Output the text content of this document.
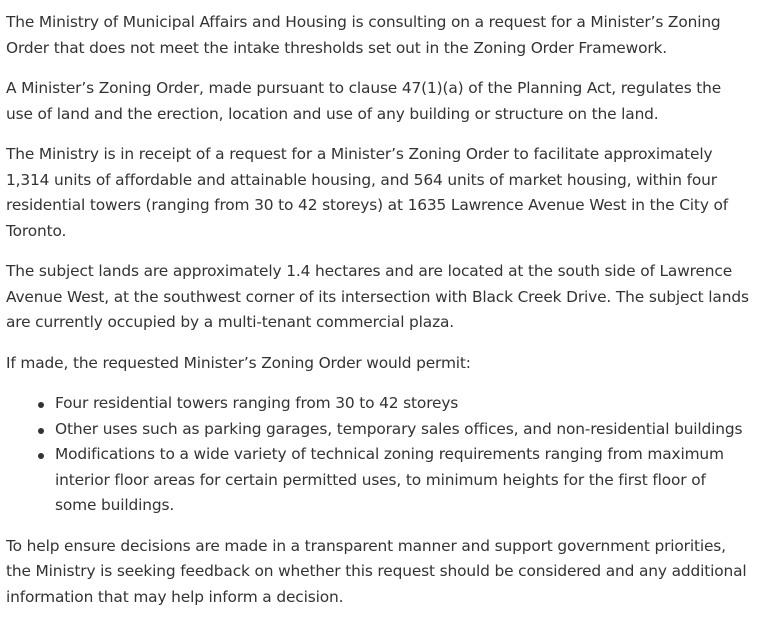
The Ministry of Municipal Affairs and Housing is consulting on a request for a Minister’s Zoning Order that does not meet the intake thresholds set out in the Zoning Order Framework.

A Minister’s Zoning Order, made pursuant to clause 47(1)(a) of the Planning Act, regulates the use of land and the erection, location and use of any building or structure on the land.

The Ministry is in receipt of a request for a Minister’s Zoning Order to facilitate approximately 1,314 units of affordable and attainable housing, and 564 units of market housing, within four residential towers (ranging from 30 to 42 storeys) at 1635 Lawrence Avenue West in the City of Toronto.

The subject lands are approximately 1.4 hectares and are located at the south side of Lawrence Avenue West, at the southwest corner of its intersection with Black Creek Drive. The subject lands are currently occupied by a multi-tenant commercial plaza.

If made, the requested Minister’s Zoning Order would permit:

Four residential towers ranging from 30 to 42 storeys
Other uses such as parking garages, temporary sales offices, and non-residential buildings
Modifications to a wide variety of technical zoning requirements ranging from maximum interior floor areas for certain permitted uses, to minimum heights for the first floor of some buildings.

To help ensure decisions are made in a transparent manner and support government priorities, the Ministry is seeking feedback on whether this request should be considered and any additional information that may help inform a decision.
